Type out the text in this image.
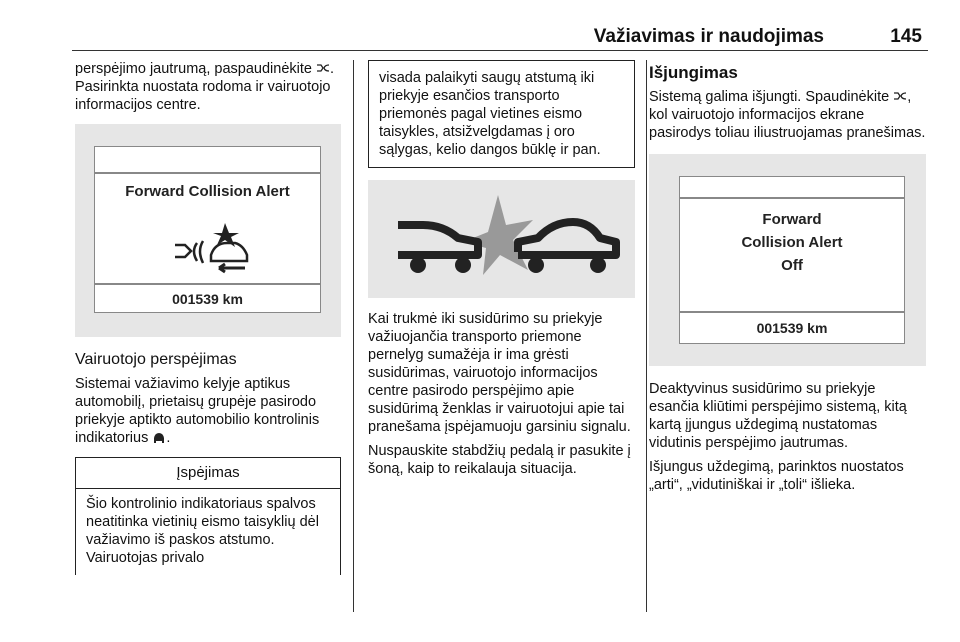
Važiavimas ir naudojimas	145

perspėjimo jautrumą, paspaudinėkite . Pasirinkta nuostata rodoma ir vairuotojo informacijos centre.

Forward Collision Alert
001539 km
Vairuotojo perspėjimas

Sistemai važiavimo kelyje aptikus automobilį, prietaisų grupėje pasirodo priekyje aptikto automobilio kontrolinis indikatorius .

Įspėjimas
Šio kontrolinio indikatoriaus spalvos neatitinka vietinių eismo taisyklių dėl važiavimo iš paskos atstumo. Vairuotojas privalo
visada palaikyti saugų atstumą iki priekyje esančios transporto priemonės pagal vietines eismo taisykles, atsižvelgdamas į oro sąlygas, kelio dangos būklę ir pan.

Kai trukmė iki susidūrimo su priekyje važiuojančia transporto priemone pernelyg sumažėja ir ima grėsti susidūrimas, vairuotojo informacijos centre pasirodo perspėjimo apie susidūrimą ženklas ir vairuotojui apie tai pranešama įspėjamuoju garsiniu signalu.

Nuspauskite stabdžių pedalą ir pasukite į šoną, kaip to reikalauja situacija.

Išjungimas

Sistemą galima išjungti. Spaudinėkite , kol vairuotojo informacijos ekrane pasirodys toliau iliustruojamas pranešimas.

Forward
Collision Alert
Off
001539 km

Deaktyvinus susidūrimo su priekyje esančia kliūtimi perspėjimo sistemą, kitą kartą įjungus uždegimą nustatomas vidutinis perspėjimo jautrumas.

Išjungus uždegimą, parinktos nuostatos „arti“, „vidutiniškai ir „toli“ išlieka.
